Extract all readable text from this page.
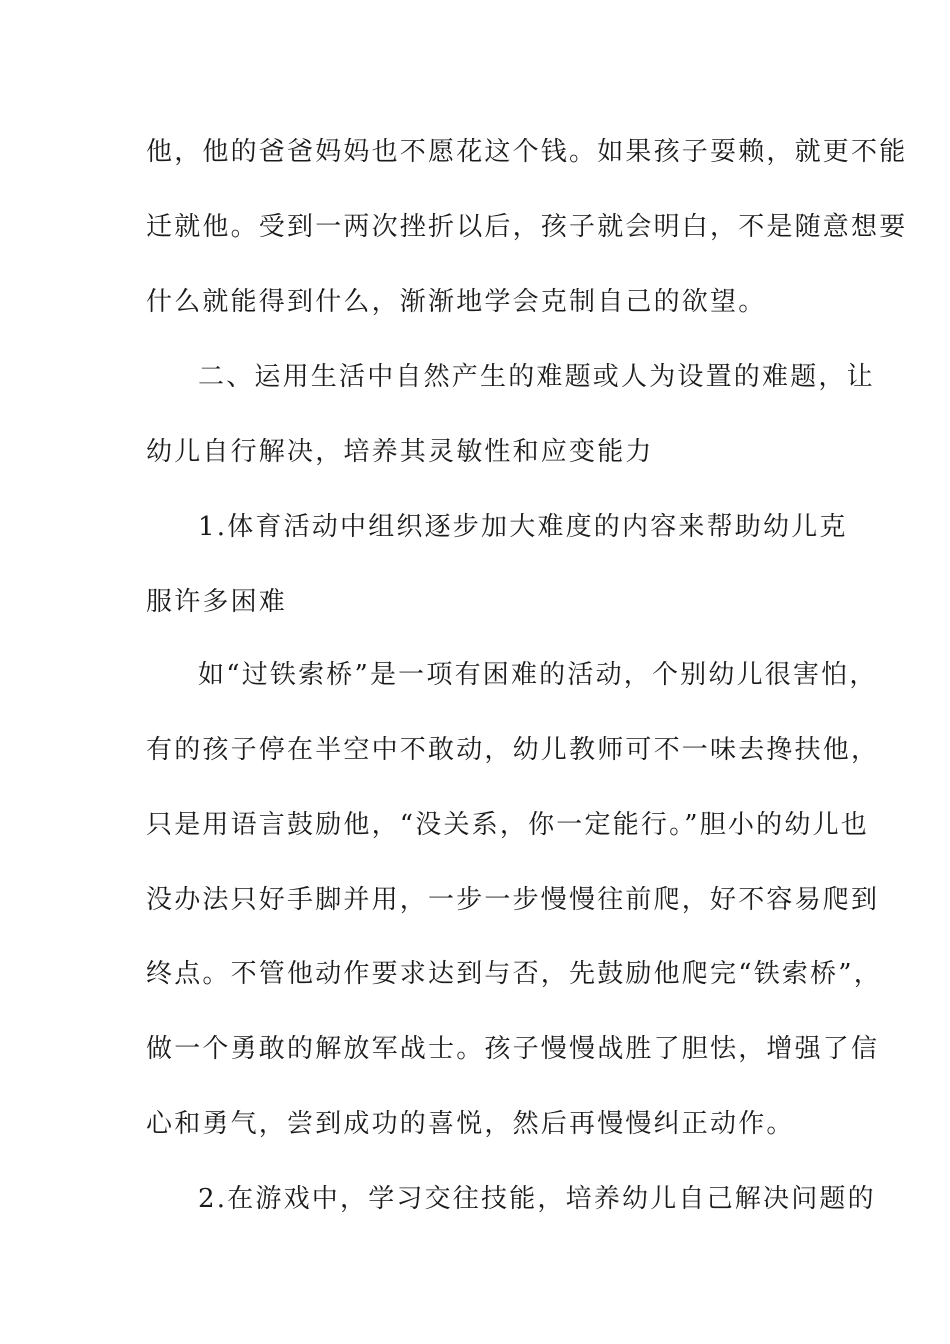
他，他的爸爸妈妈也不愿花这个钱。如果孩子耍赖，就更不能
迁就他。受到一两次挫折以后，孩子就会明白，不是随意想要
什么就能得到什么，渐渐地学会克制自己的欲望。
二、运用生活中自然产生的难题或人为设置的难题，让
幼儿自行解决，培养其灵敏性和应变能力
1.体育活动中组织逐步加大难度的内容来帮助幼儿克
服许多困难
如“过铁索桥”是一项有困难的活动，个别幼儿很害怕，
有的孩子停在半空中不敢动，幼儿教师可不一味去搀扶他，
只是用语言鼓励他，“没关系，你一定能行。”胆小的幼儿也
没办法只好手脚并用，一步一步慢慢往前爬，好不容易爬到
终点。不管他动作要求达到与否，先鼓励他爬完“铁索桥”，
做一个勇敢的解放军战士。孩子慢慢战胜了胆怯，增强了信
心和勇气，尝到成功的喜悦，然后再慢慢纠正动作。
2.在游戏中，学习交往技能，培养幼儿自己解决问题的
